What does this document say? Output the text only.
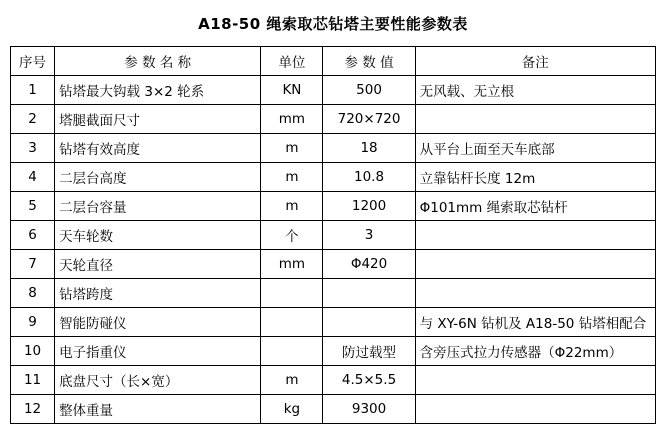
A18-50 绳索取芯钻塔主要性能参数表
序号	参 数 名 称	单位	参 数 值	备注
1	钻塔最大钩载 3×2 轮系	KN	500	无风载、无立根
2	塔腿截面尺寸	mm	720×720	
3	钻塔有效高度	m	18	从平台上面至天车底部
4	二层台高度	m	10.8	立靠钻杆长度 12m
5	二层台容量	m	1200	Φ101mm 绳索取芯钻杆
6	天车轮数	个	3	
7	天轮直径	mm	Φ420	
8	钻塔跨度			
9	智能防碰仪			与 XY-6N 钻机及 A18-50 钻塔相配合
10	电子指重仪		防过载型	含旁压式拉力传感器（Φ22mm）
11	底盘尺寸（长×宽）	m	4.5×5.5	
12	整体重量	kg	9300	
